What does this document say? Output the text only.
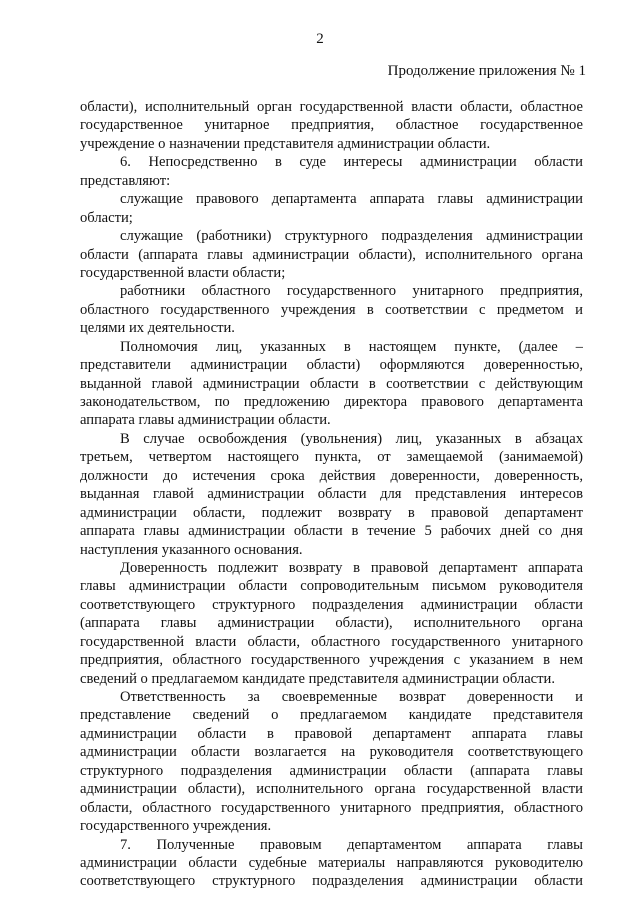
2
Продолжение приложения № 1
области), исполнительный орган государственной власти области, областное
государственное унитарное предприятия, областное государственное
учреждение о назначении представителя администрации области.
6. Непосредственно в суде интересы администрации области
представляют:
служащие правового департамента аппарата главы администрации
области;
служащие (работники) структурного подразделения администрации
области (аппарата главы администрации области), исполнительного органа
государственной власти области;
работники областного государственного унитарного предприятия,
областного государственного учреждения в соответствии с предметом и
целями их деятельности.
Полномочия лиц, указанных в настоящем пункте, (далее –
представители администрации области) оформляются доверенностью,
выданной главой администрации области в соответствии с действующим
законодательством, по предложению директора правового департамента
аппарата главы администрации области.
В случае освобождения (увольнения) лиц, указанных в абзацах
третьем, четвертом настоящего пункта, от замещаемой (занимаемой)
должности до истечения срока действия доверенности, доверенность,
выданная главой администрации области для представления интересов
администрации области, подлежит возврату в правовой департамент
аппарата главы администрации области в течение 5 рабочих дней со дня
наступления указанного основания.
Доверенность подлежит возврату в правовой департамент аппарата
главы администрации области сопроводительным письмом руководителя
соответствующего структурного подразделения администрации области
(аппарата главы администрации области), исполнительного органа
государственной власти области, областного государственного унитарного
предприятия, областного государственного учреждения с указанием в нем
сведений о предлагаемом кандидате представителя администрации области.
Ответственность за своевременные возврат доверенности и
представление сведений о предлагаемом кандидате представителя
администрации области в правовой департамент аппарата главы
администрации области возлагается на руководителя соответствующего
структурного подразделения администрации области (аппарата главы
администрации области), исполнительного органа государственной власти
области, областного государственного унитарного предприятия, областного
государственного учреждения.
7. Полученные правовым департаментом аппарата главы
администрации области судебные материалы направляются руководителю
соответствующего структурного подразделения администрации области
